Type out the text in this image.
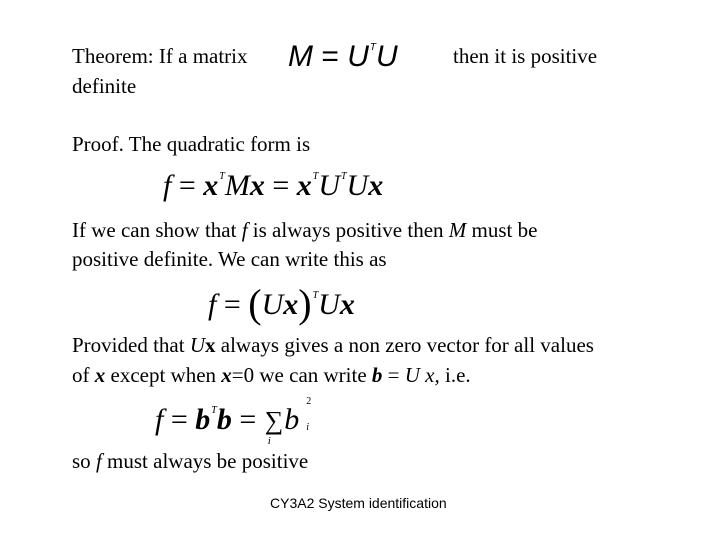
Theorem: If a matrix $M = U^TU$	then it is positive
definite
Proof. The quadratic form is
$f = x^TMx = x^TU^TUx$
If we can show that f is always positive then M must be
positive definite. We can write this as
$f = (Ux)^TUx$
Provided that Ux always gives a non zero vector for all values
of x except when x=0 we can write b = U x, i.e.
$f = b^Tb$ = ∑
i
b
2
i
so f must always be positive
CY3A2 System identification
